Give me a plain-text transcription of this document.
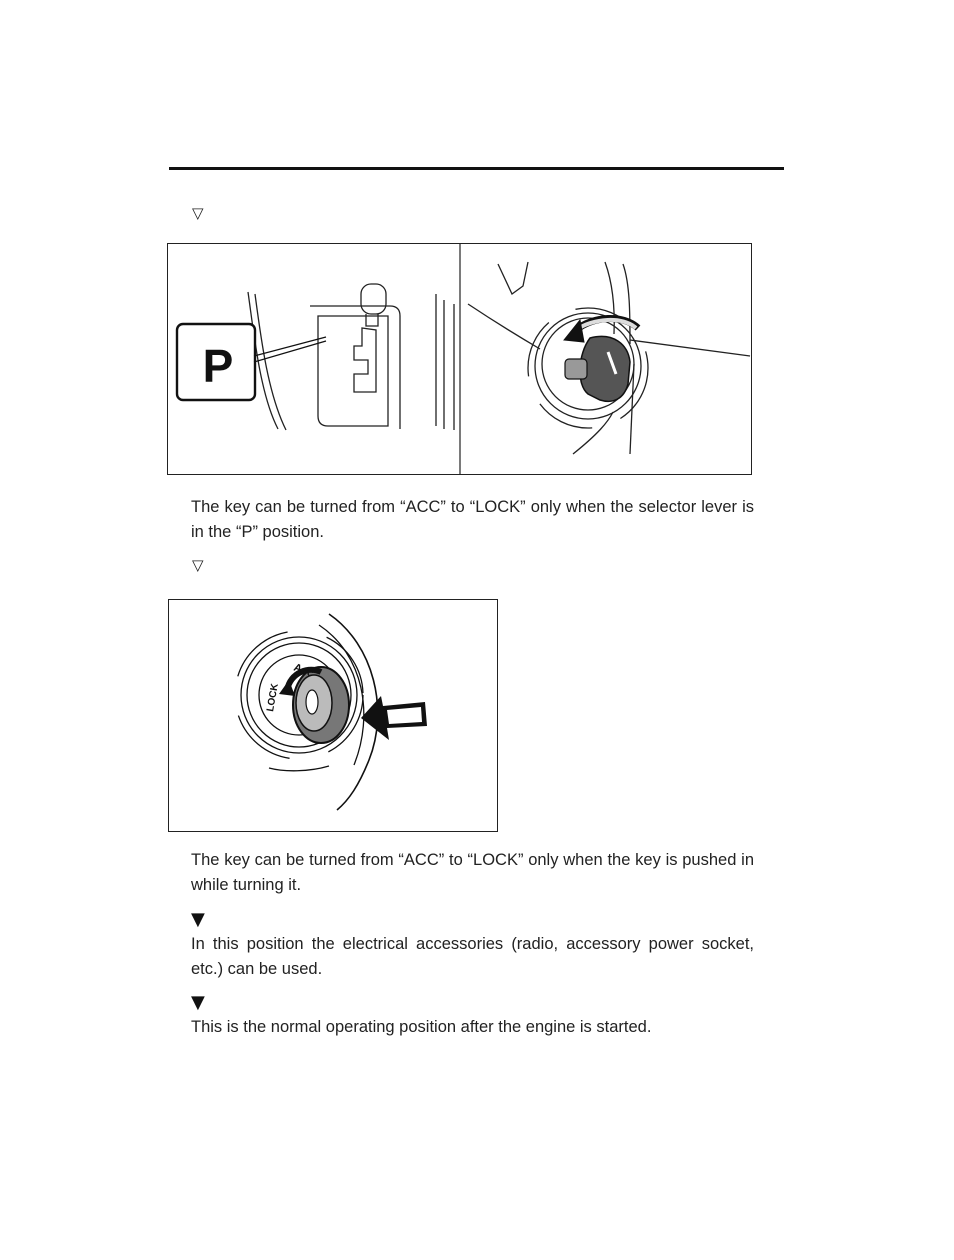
▽
P

The key can be turned from “ACC” to “LOCK” only when the selector lever is in the “P” position.

▽
Acc
LOCK

The key can be turned from “ACC” to “LOCK” only when the key is pushed in while turning it.

▼

In this position the electrical accessories (radio, accessory power socket, etc.) can be used.

▼

This is the normal operating position after the engine is started.
